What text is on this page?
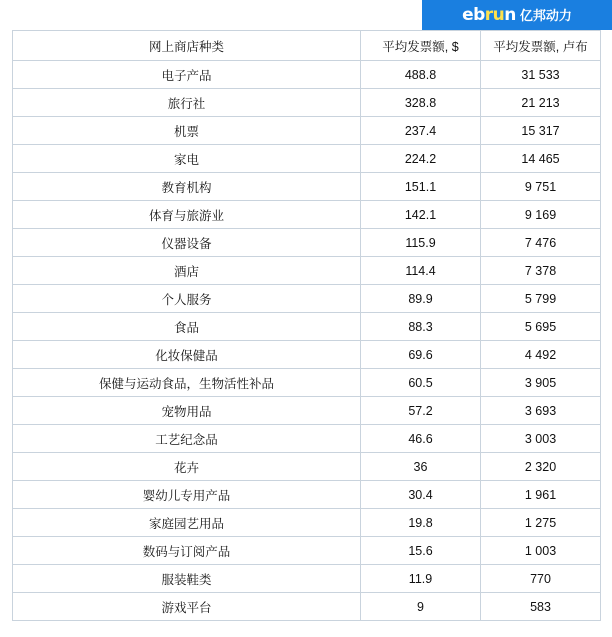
ebrun 亿邦动力
网上商店种类	平均发票额, $	平均发票额, 卢布
电子产品	488.8	31 533
旅行社	328.8	21 213
机票	237.4	15 317
家电	224.2	14 465
教育机构	151.1	9 751
体育与旅游业	142.1	9 169
仪器设备	115.9	7 476
酒店	114.4	7 378
个人服务	89.9	5 799
食品	88.3	5 695
化妆保健品	69.6	4 492
保健与运动食品，生物活性补品	60.5	3 905
宠物用品	57.2	3 693
工艺纪念品	46.6	3 003
花卉	36	2 320
婴幼儿专用产品	30.4	1 961
家庭园艺用品	19.8	1 275
数码与订阅产品	15.6	1 003
服装鞋类	11.9	770
游戏平台	9	583
